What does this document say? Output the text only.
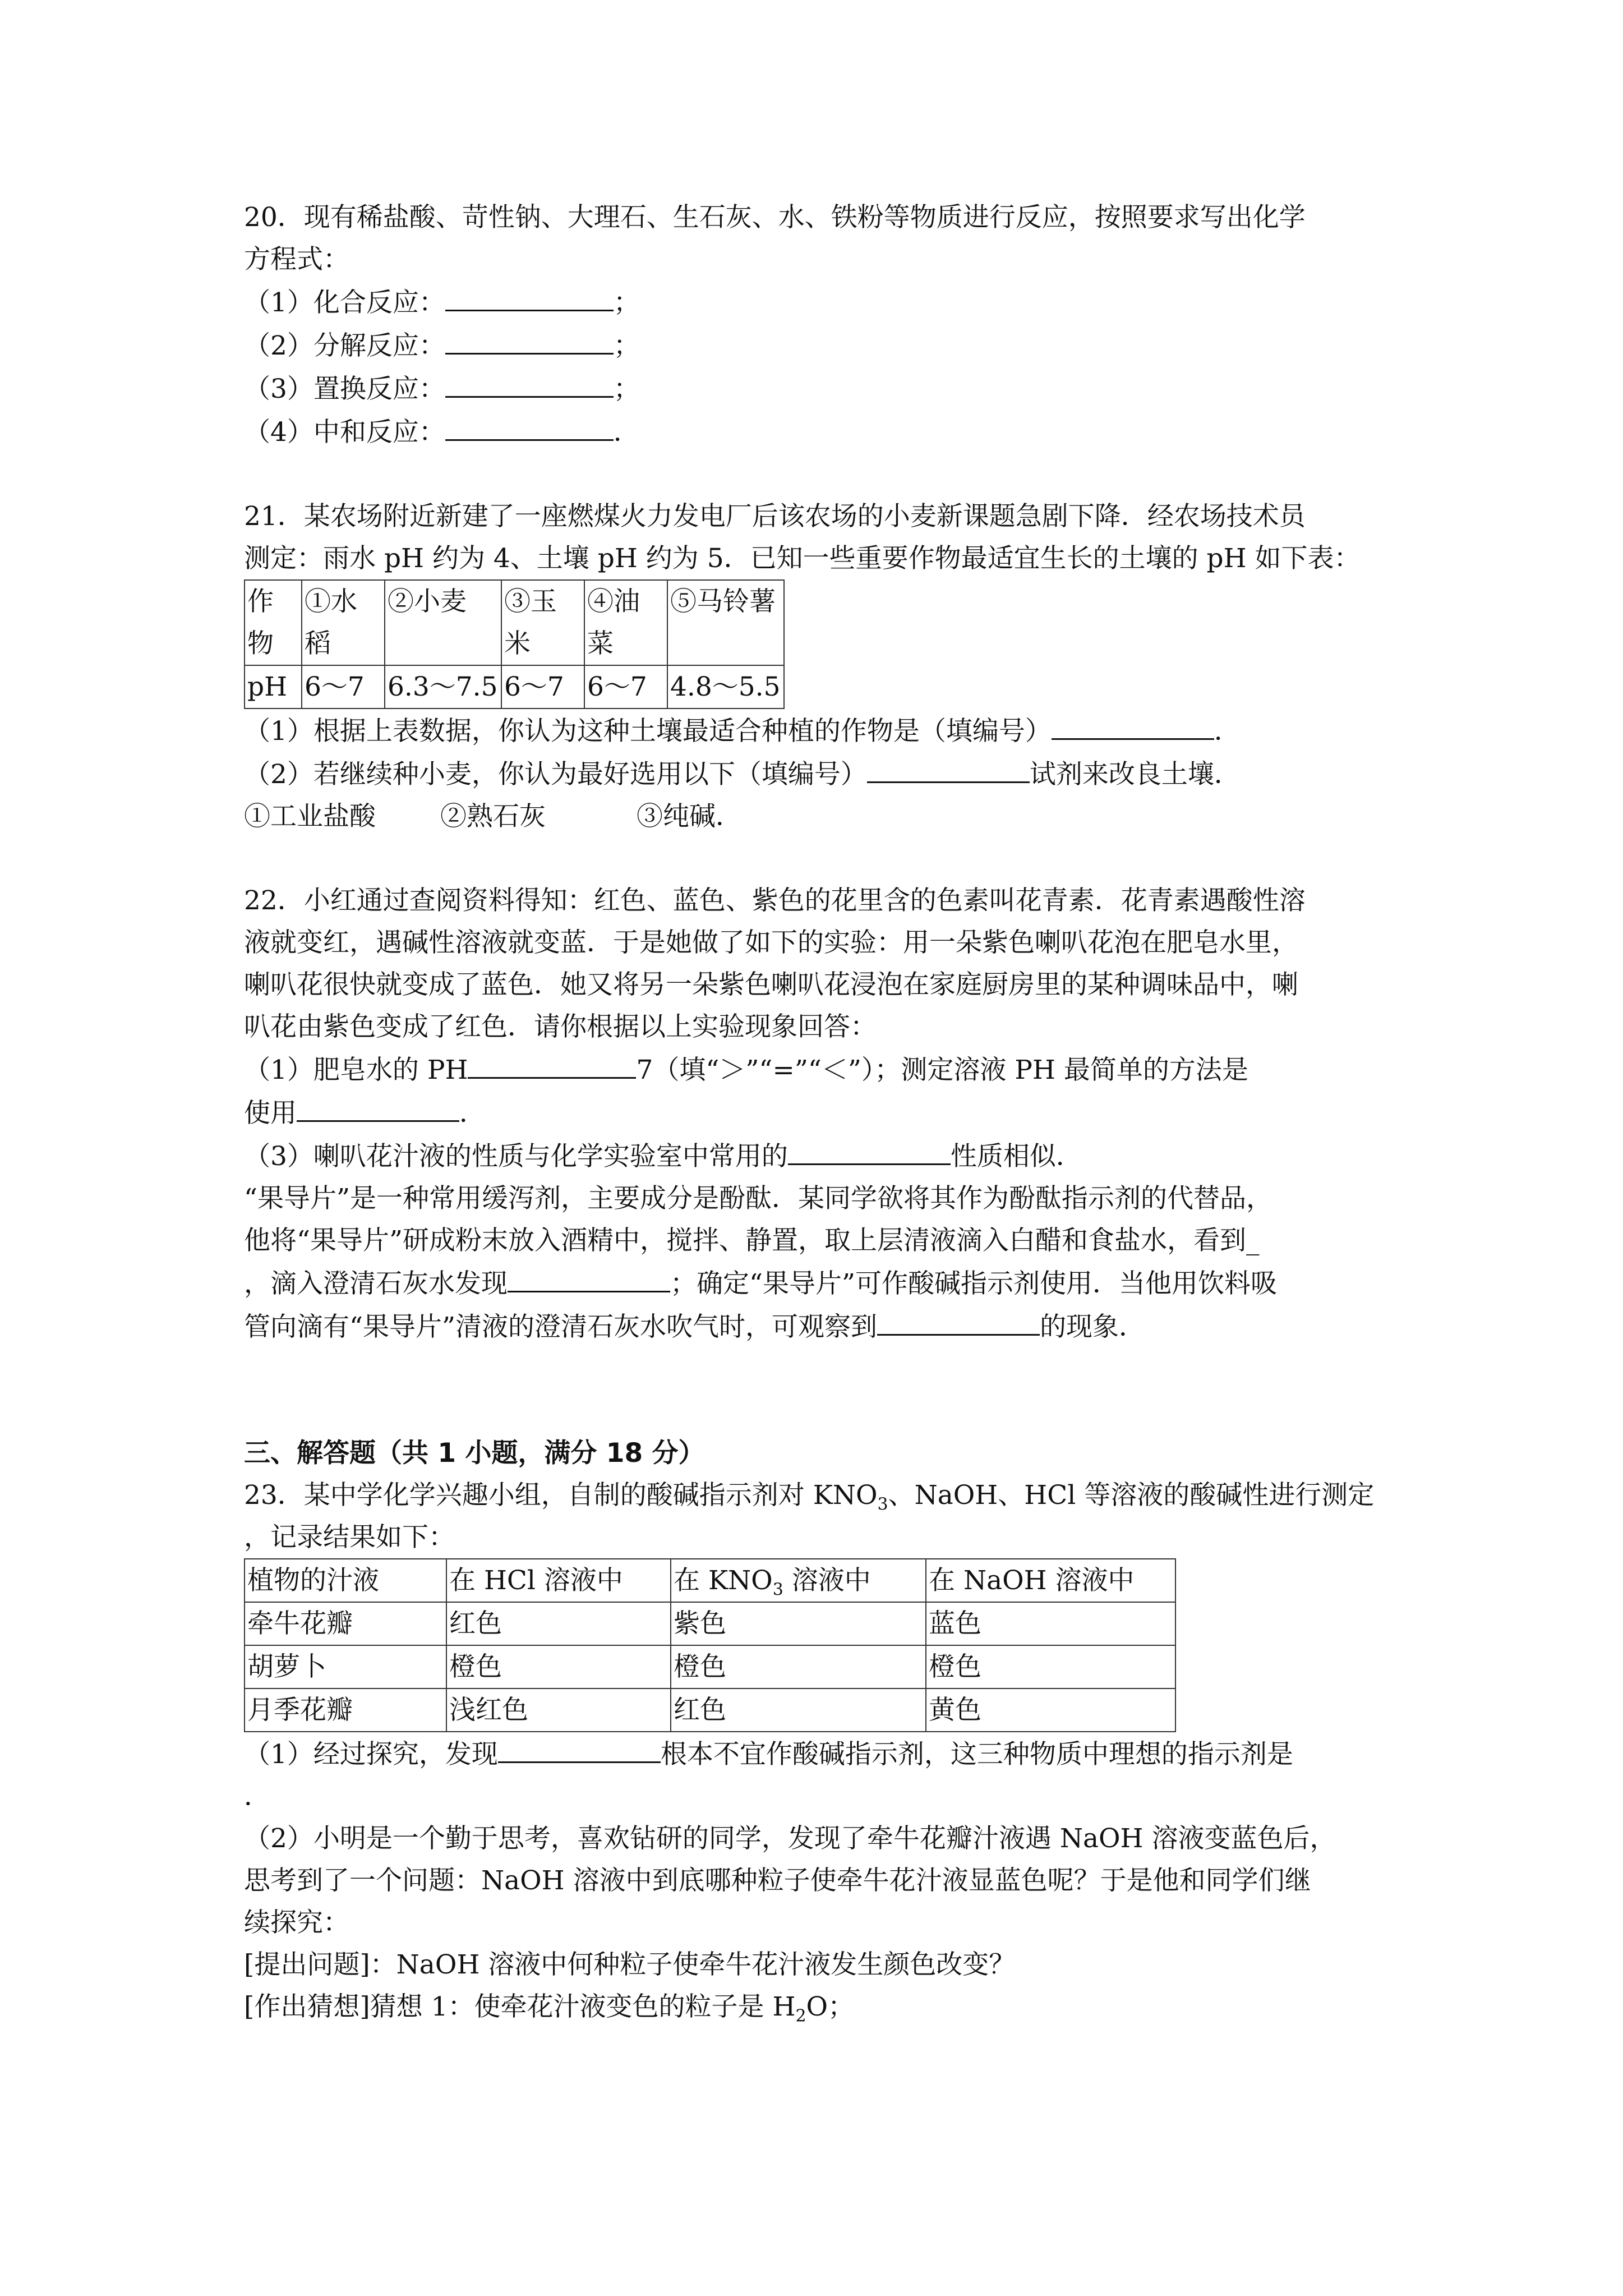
20．现有稀盐酸、苛性钠、大理石、生石灰、水、铁粉等物质进行反应，按照要求写出化学
方程式：
（1）化合反应：	；
（2）分解反应：	；
（3）置换反应：	；
（4）中和反应：	．
21．某农场附近新建了一座燃煤火力发电厂后该农场的小麦新课题急剧下降．经农场技术员
测定：雨水 pH 约为 4、土壤 pH 约为 5．已知一些重要作物最适宜生长的土壤的 pH 如下表：
作物	①水稻	②小麦	③玉米	④油菜	⑤马铃薯
pH	6～7	6.3～7.5	6～7	6～7	4.8～5.5
（1）根据上表数据，你认为这种土壤最适合种植的作物是（填编号）	．
（2）若继续种小麦，你认为最好选用以下（填编号）	试剂来改良土壤．
①工业盐酸 ②熟石灰	③纯碱．
22．小红通过查阅资料得知：红色、蓝色、紫色的花里含的色素叫花青素．花青素遇酸性溶
液就变红，遇碱性溶液就变蓝．于是她做了如下的实验：用一朵紫色喇叭花泡在肥皂水里，
喇叭花很快就变成了蓝色．她又将另一朵紫色喇叭花浸泡在家庭厨房里的某种调味品中，喇
叭花由紫色变成了红色．请你根据以上实验现象回答：
（1）肥皂水的 PH	7（填“＞”“=”“＜”）；测定溶液 PH 最简单的方法是
使用	．
（3）喇叭花汁液的性质与化学实验室中常用的	性质相似．
“果导片”是一种常用缓泻剂，主要成分是酚酞．某同学欲将其作为酚酞指示剂的代替品，
他将“果导片”研成粉末放入酒精中，搅拌、静置，取上层清液滴入白醋和食盐水，看到_
，滴入澄清石灰水发现	；确定“果导片”可作酸碱指示剂使用．当他用饮料吸
管向滴有“果导片”清液的澄清石灰水吹气时，可观察到	的现象．
三、解答题（共 1 小题，满分 18 分）
23．某中学化学兴趣小组，自制的酸碱指示剂对 $KNO_3$、NaOH、HCl 等溶液的酸碱性进行测定
，记录结果如下：
植物的汁液	在 HCl 溶液中	在 $KNO_3$ 溶液中	在 NaOH 溶液中
牵牛花瓣	红色	紫色	蓝色
胡萝卜	橙色	橙色	橙色
月季花瓣	浅红色	红色	黄色
（1）经过探究，发现	根本不宜作酸碱指示剂，这三种物质中理想的指示剂是
．
（2）小明是一个勤于思考，喜欢钻研的同学，发现了牵牛花瓣汁液遇 NaOH 溶液变蓝色后，
思考到了一个问题：NaOH 溶液中到底哪种粒子使牵牛花汁液显蓝色呢？于是他和同学们继
续探究：
[提出问题]：NaOH 溶液中何种粒子使牵牛花汁液发生颜色改变？
[作出猜想]猜想 1：使牵花汁液变色的粒子是 $H_2O$；
